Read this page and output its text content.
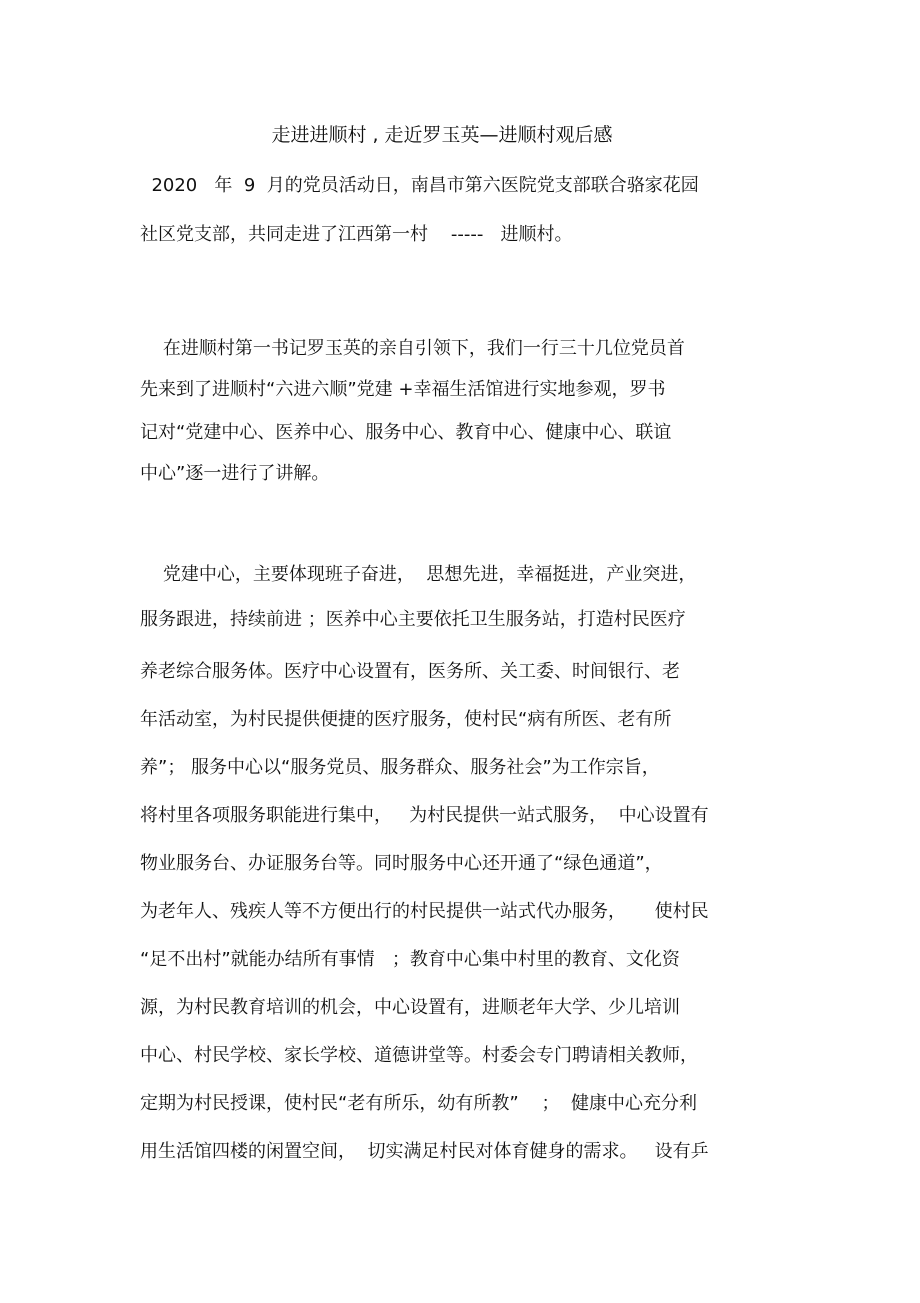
走进进顺村 , 走近罗玉英—进顺村观后感
2020   年  9  月的党员活动日，南昌市第六医院党支部联合骆家花园
社区党支部，共同走进了江西第一村    -----   进顺村。
在进顺村第一书记罗玉英的亲自引领下，我们一行三十几位党员首
先来到了进顺村“六进六顺”党建 +幸福生活馆进行实地参观，罗书
记对“党建中心、医养中心、服务中心、教育中心、健康中心、联谊
中心”逐一进行了讲解。
党建中心，主要体现班子奋进，  思想先进，幸福挺进，产业突进，
服务跟进，持续前进 ；医养中心主要依托卫生服务站，打造村民医疗
养老综合服务体。医疗中心设置有，医务所、关工委、时间银行、老
年活动室，为村民提供便捷的医疗服务，使村民“病有所医、老有所
养”； 服务中心以“服务党员、服务群众、服务社会”为工作宗旨，
将村里各项服务职能进行集中，   为村民提供一站式服务，  中心设置有
物业服务台、办证服务台等。同时服务中心还开通了“绿色通道”，
为老年人、残疾人等不方便出行的村民提供一站式代办服务，     使村民
“足不出村”就能办结所有事情   ；教育中心集中村里的教育、文化资
源，为村民教育培训的机会，中心设置有，进顺老年大学、少儿培训
中心、村民学校、家长学校、道德讲堂等。村委会专门聘请相关教师，
定期为村民授课，使村民“老有所乐，幼有所教”    ；  健康中心充分利
用生活馆四楼的闲置空间，  切实满足村民对体育健身的需求。   设有乒
